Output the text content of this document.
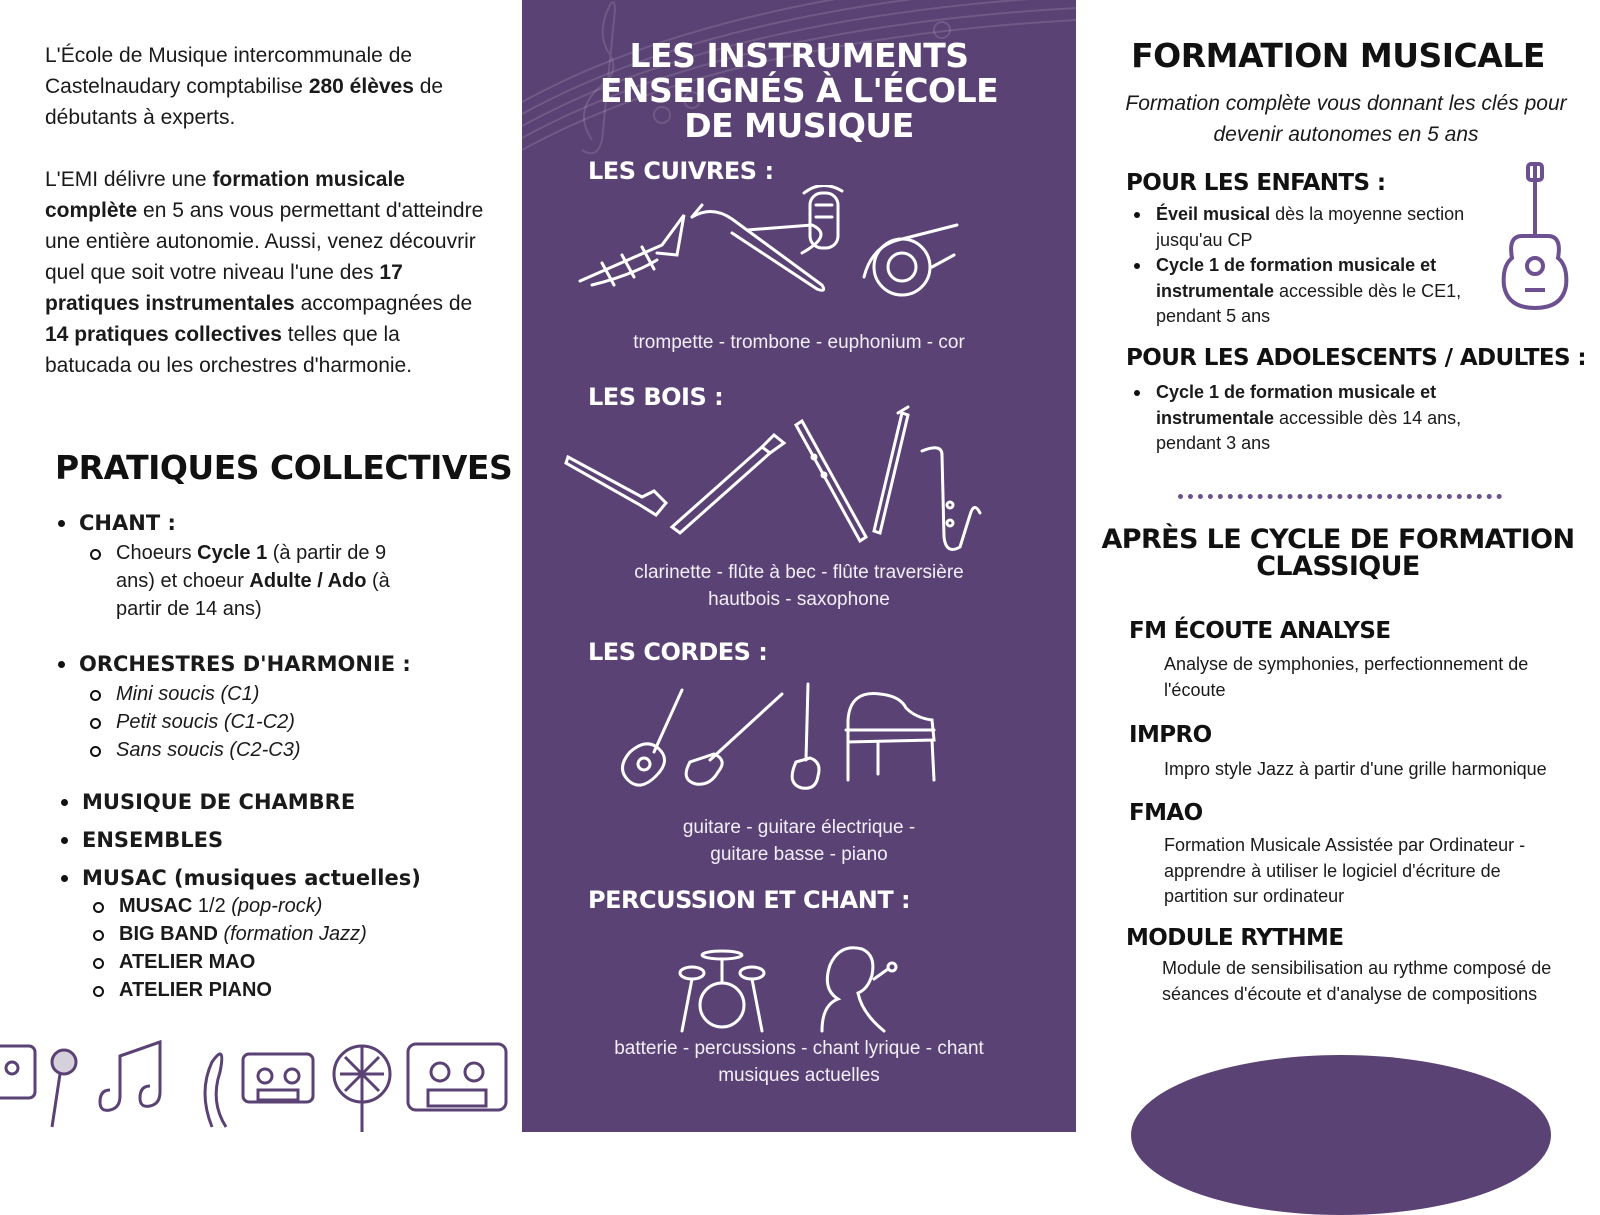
L'École de Musique intercommunale de Castelnaudary comptabilise 280 élèves de débutants à experts.

L'EMI délivre une formation musicale complète en 5 ans vous permettant d'atteindre une entière autonomie. Aussi, venez découvrir quel que soit votre niveau l'une des 17 pratiques instrumentales accompagnées de 14 pratiques collectives telles que la batucada ou les orchestres d'harmonie.

PRATIQUES COLLECTIVES
CHANT :
Choeurs Cycle 1 (à partir de 9 ans) et choeur Adulte / Ado (à partir de 14 ans)
ORCHESTRES D'HARMONIE :
Mini soucis (C1)
Petit soucis (C1-C2)
Sans soucis (C2-C3)
MUSIQUE DE CHAMBRE
ENSEMBLES
MUSAC (musiques actuelles)
MUSAC 1/2 (pop-rock)
BIG BAND (formation Jazz)
ATELIER MAO
ATELIER PIANO
LES INSTRUMENTS
ENSEIGNÉS À L'ÉCOLE
DE MUSIQUE
LES CUIVRES :
trompette - trombone - euphonium - cor
LES BOIS :
clarinette - flûte à bec - flûte traversière
hautbois - saxophone
LES CORDES :
guitare - guitare électrique -
guitare basse - piano
PERCUSSION ET CHANT :
batterie - percussions - chant lyrique - chant
musiques actuelles
FORMATION MUSICALE
Formation complète vous donnant les clés pour devenir autonomes en 5 ans
POUR LES ENFANTS :
Éveil musical dès la moyenne section jusqu'au CP
Cycle 1 de formation musicale et instrumentale accessible dès le CE1, pendant 5 ans
POUR LES ADOLESCENTS / ADULTES :
Cycle 1 de formation musicale et instrumentale accessible dès 14 ans, pendant 3 ans
APRÈS LE CYCLE DE FORMATION
CLASSIQUE
FM ÉCOUTE ANALYSE
Analyse de symphonies, perfectionnement de l'écoute
IMPRO
Impro style Jazz à partir d'une grille harmonique
FMAO
Formation Musicale Assistée par Ordinateur - apprendre à utiliser le logiciel d'écriture de partition sur ordinateur
MODULE RYTHME
Module de sensibilisation au rythme composé de séances d'écoute et d'analyse de compositions
